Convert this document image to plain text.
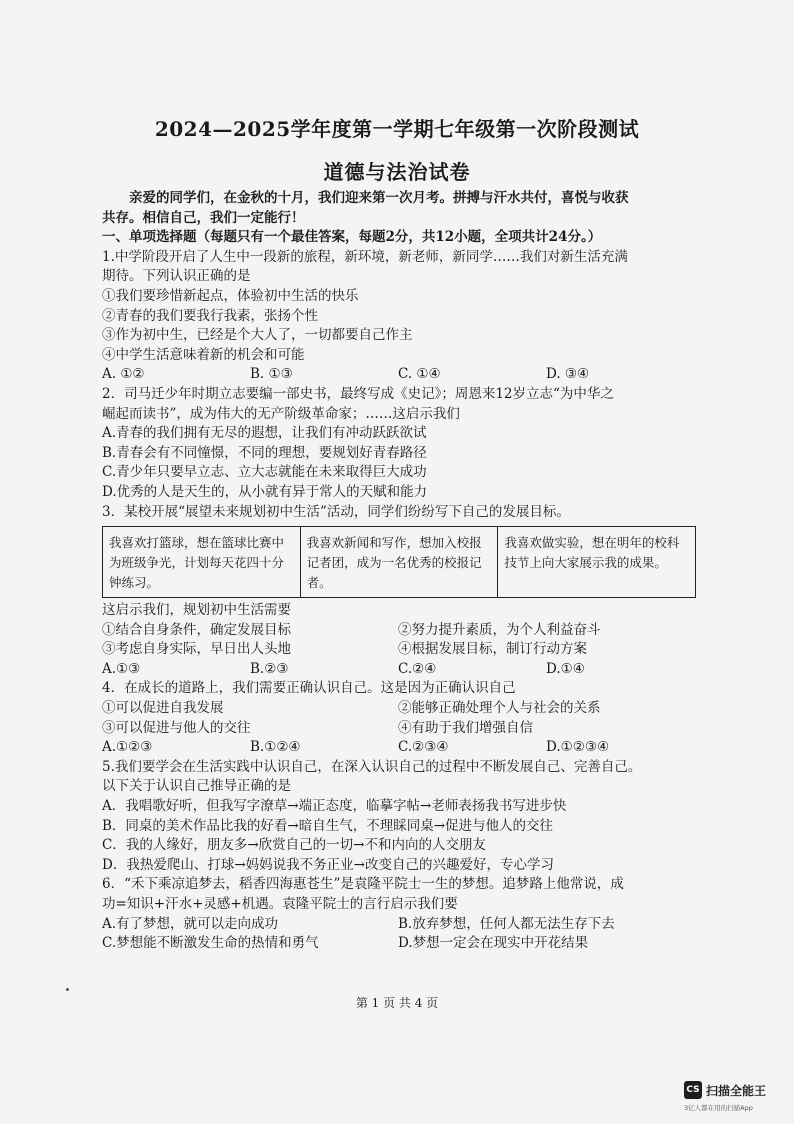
2024—2025学年度第一学期七年级第一次阶段测试
道德与法治试卷
亲爱的同学们，在金秋的十月，我们迎来第一次月考。拼搏与汗水共付，喜悦与收获
共存。相信自己，我们一定能行！
一、单项选择题（每题只有一个最佳答案，每题2分，共12小题，全项共计24分。）
1.中学阶段开启了人生中一段新的旅程，新环境，新老师，新同学……我们对新生活充满
期待。下列认识正确的是
①我们要珍惜新起点，体验初中生活的快乐
②青春的我们要我行我素，张扬个性
③作为初中生，已经是个大人了，一切都要自己作主
④中学生活意味着新的机会和可能
A. ①②	B. ①③	C. ①④	D. ③④
2．司马迁少年时期立志要编一部史书，最终写成《史记》；周恩来12岁立志“为中华之
崛起而读书”，成为伟大的无产阶级革命家；……这启示我们
A.青春的我们拥有无尽的遐想，让我们有冲动跃跃欲试
B.青春会有不同憧憬，不同的理想，要规划好青春路径
C.青少年只要早立志、立大志就能在未来取得巨大成功
D.优秀的人是天生的，从小就有异于常人的天赋和能力
3．某校开展“展望未来规划初中生活”活动，同学们纷纷写下自己的发展目标。
我喜欢打篮球，想在篮球比赛中为班级争光，计划每天花四十分钟练习。
我喜欢新闻和写作，想加入校报记者团，成为一名优秀的校报记者。
我喜欢做实验，想在明年的校科技节上向大家展示我的成果。
这启示我们，规划初中生活需要
①结合自身条件，确定发展目标	②努力提升素质，为个人利益奋斗
③考虑自身实际，早日出人头地	④根据发展目标，制订行动方案
A.①③	B.②③	C.②④	D.①④
4．在成长的道路上，我们需要正确认识自己。这是因为正确认识自己
①可以促进自我发展	②能够正确处理个人与社会的关系
③可以促进与他人的交往	④有助于我们增强自信
A.①②③	B.①②④	C.②③④	D.①②③④
5.我们要学会在生活实践中认识自己，在深入认识自己的过程中不断发展自己、完善自己。
以下关于认识自己推导正确的是
A．我唱歌好听，但我写字潦草→端正态度，临摹字帖→老师表扬我书写进步快
B．同桌的美术作品比我的好看→暗自生气，不理睬同桌→促进与他人的交往
C．我的人缘好，朋友多→欣赏自己的一切→不和内向的人交朋友
D．我热爱爬山、打球→妈妈说我不务正业→改变自己的兴趣爱好，专心学习
6．“禾下乘凉追梦去，稻香四海惠苍生”是袁隆平院士一生的梦想。追梦路上他常说，成
功=知识+汗水+灵感+机遇。袁隆平院士的言行启示我们要
A.有了梦想，就可以走向成功	B.放弃梦想，任何人都无法生存下去
C.梦想能不断激发生命的热情和勇气	D.梦想一定会在现实中开花结果
第 1 页 共 4 页
CS 扫描全能王
3亿人都在用的扫描App
